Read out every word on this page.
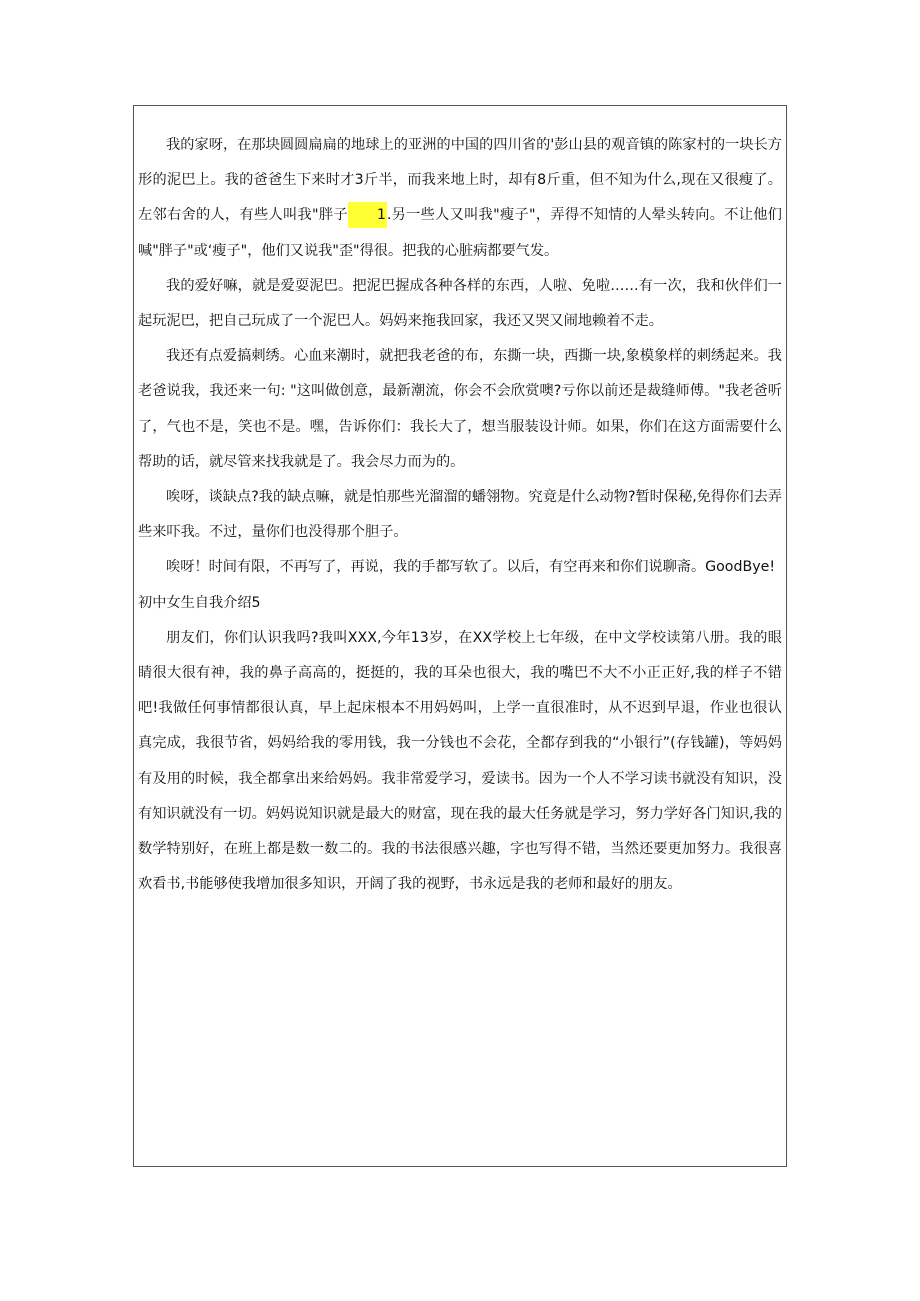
我的家呀，在那块圆圆扁扁的地球上的亚洲的中国的四川省的'彭山县的观音镇的陈家村的一块长方形的泥巴上。我的爸爸生下来时才3斤半，而我来地上时，却有8斤重，但不知为什么,现在又很瘦了。左邻右舍的人，有些人叫我"胖子 1.另一些人又叫我"瘦子"，弄得不知情的人晕头转向。不让他们喊"胖子"或‘瘦子"，他们又说我"歪"得很。把我的心脏病都要气发。

我的爱好嘛，就是爱耍泥巴。把泥巴握成各种各样的东西，人啦、免啦……有一次，我和伙伴们一起玩泥巴，把自己玩成了一个泥巴人。妈妈来拖我回家，我还又哭又闹地赖着不走。

我还有点爱搞刺绣。心血来潮时，就把我老爸的布，东撕一块，西撕一块,象模象样的刺绣起来。我老爸说我，我还来一句: "这叫做创意，最新潮流，你会不会欣赏噢?亏你以前还是裁缝师傅。"我老爸听了，气也不是，笑也不是。嘿，告诉你们：我长大了，想当服装设计师。如果，你们在这方面需要什么帮助的话，就尽管来找我就是了。我会尽力而为的。

唉呀，谈缺点?我的缺点嘛，就是怕那些光溜溜的蟠翎物。究竟是什么动物?暂时保秘,免得你们去弄些来吓我。不过，量你们也没得那个胆子。

唉呀！时间有限，不再写了，再说，我的手都写软了。以后，有空再来和你们说聊斋。GoodBye!

初中女生自我介绍5

朋友们，你们认识我吗?我叫XXX,今年13岁，在XX学校上七年级，在中文学校读第八册。我的眼睛很大很有神，我的鼻子高高的，挺挺的，我的耳朵也很大，我的嘴巴不大不小正正好,我的样子不错吧!我做任何事情都很认真，早上起床根本不用妈妈叫，上学一直很准时，从不迟到早退，作业也很认真完成，我很节省，妈妈给我的零用钱，我一分钱也不会花，全都存到我的“小银行”(存钱罐)，等妈妈有及用的时候，我全都拿出来给妈妈。我非常爱学习，爱读书。因为一个人不学习读书就没有知识，没有知识就没有一切。妈妈说知识就是最大的财富，现在我的最大任务就是学习，努力学好各门知识,我的数学特别好，在班上都是数一数二的。我的书法很感兴趣，字也写得不错，当然还要更加努力。我很喜欢看书,书能够使我增加很多知识，开阔了我的视野，书永远是我的老师和最好的朋友。
